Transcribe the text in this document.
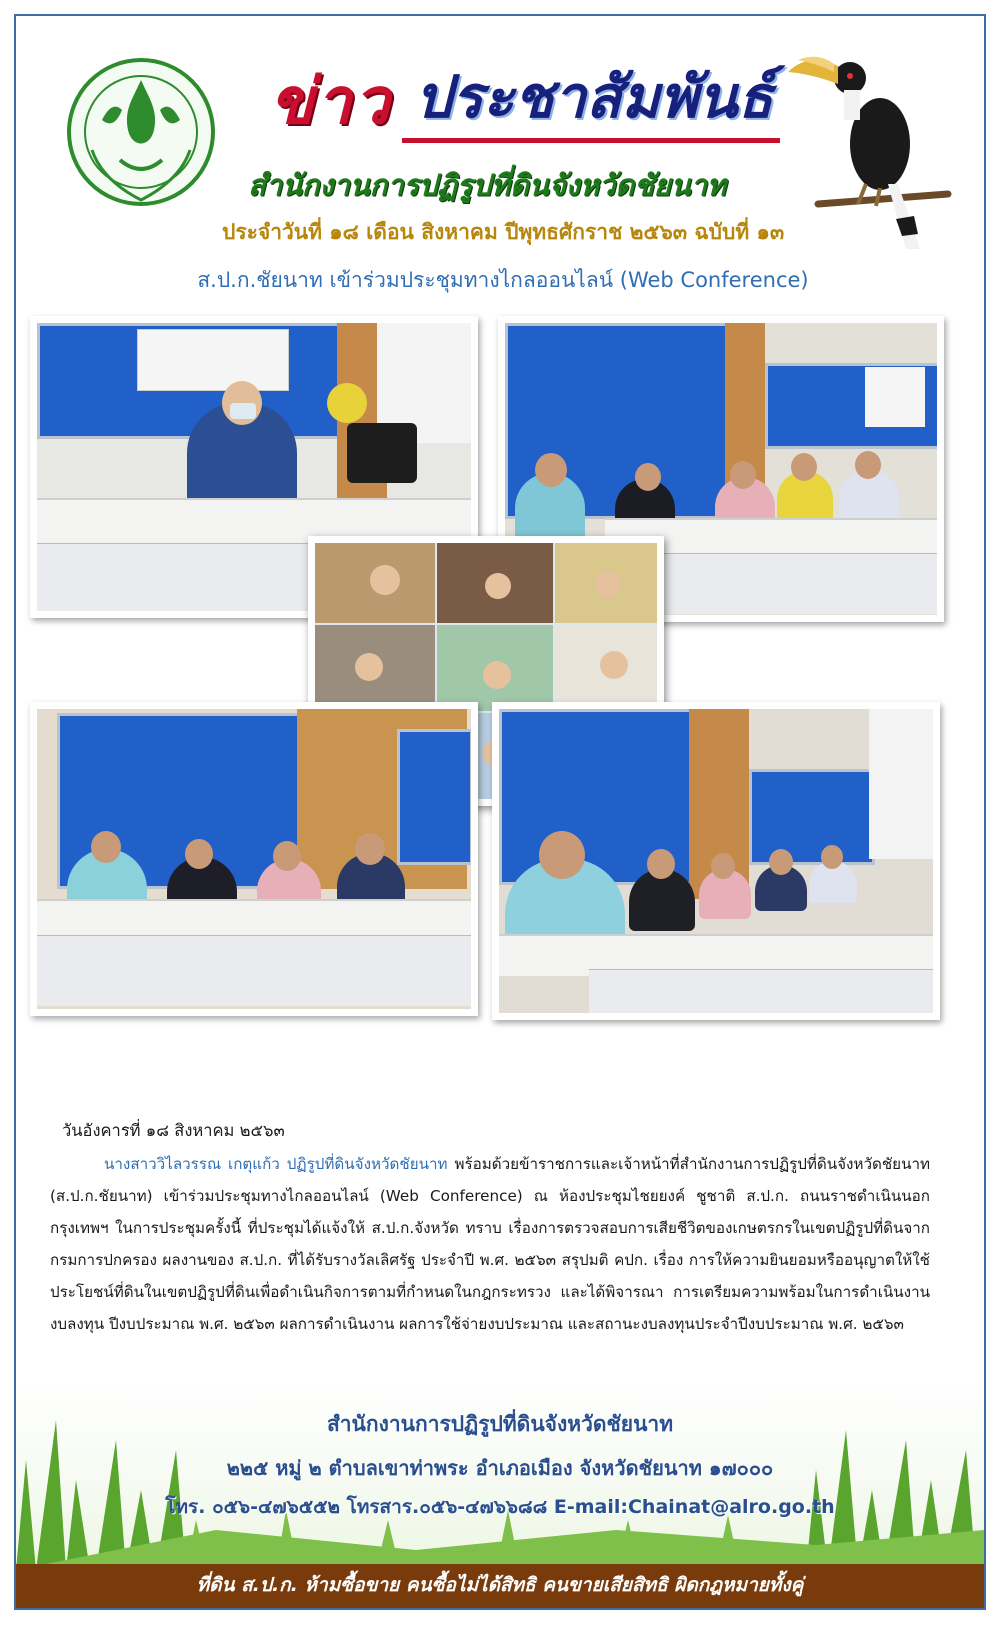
ข่าว ประชาสัมพันธ์
สำนักงานการปฏิรูปที่ดินจังหวัดชัยนาท
ประจำวันที่ ๑๘ เดือน สิงหาคม ปีพุทธศักราช ๒๕๖๓ ฉบับที่ ๑๓
ส.ป.ก.ชัยนาท เข้าร่วมประชุมทางไกลออนไลน์ (Web Conference)
วันอังคารที่ ๑๘ สิงหาคม ๒๕๖๓
นางสาววิไลวรรณ เกตุแก้ว ปฏิรูปที่ดินจังหวัดชัยนาท พร้อมด้วยข้าราชการและเจ้าหน้าที่สำนักงานการปฏิรูปที่ดินจังหวัดชัยนาท (ส.ป.ก.ชัยนาท) เข้าร่วมประชุมทางไกลออนไลน์ (Web Conference) ณ ห้องประชุมไชยยงค์ ชูชาติ ส.ป.ก. ถนนราชดำเนินนอก กรุงเทพฯ ในการประชุมครั้งนี้ ที่ประชุมได้แจ้งให้ ส.ป.ก.จังหวัด ทราบ เรื่องการตรวจสอบการเสียชีวิตของเกษตรกรในเขตปฏิรูปที่ดินจากกรมการปกครอง ผลงานของ ส.ป.ก. ที่ได้รับรางวัลเลิศรัฐ ประจำปี พ.ศ. ๒๕๖๓ สรุปมติ คปก. เรื่อง การให้ความยินยอมหรืออนุญาตให้ใช้ประโยชน์ที่ดินในเขตปฏิรูปที่ดินเพื่อดำเนินกิจการตามที่กำหนดในกฎกระทรวง และได้พิจารณา การเตรียมความพร้อมในการดำเนินงานงบลงทุน ปีงบประมาณ พ.ศ. ๒๕๖๓ ผลการดำเนินงาน ผลการใช้จ่ายงบประมาณ และสถานะงบลงทุนประจำปีงบประมาณ พ.ศ. ๒๕๖๓
สำนักงานการปฏิรูปที่ดินจังหวัดชัยนาท
๒๒๕ หมู่ ๒ ตำบลเขาท่าพระ อำเภอเมือง จังหวัดชัยนาท ๑๗๐๐๐
โทร. ๐๕๖-๔๗๖๕๕๒ โทรสาร.๐๕๖-๔๗๖๖๘๘ E-mail:Chainat@alro.go.th
ที่ดิน ส.ป.ก. ห้ามซื้อขาย คนซื้อไม่ได้สิทธิ คนขายเสียสิทธิ ผิดกฎหมายทั้งคู่
